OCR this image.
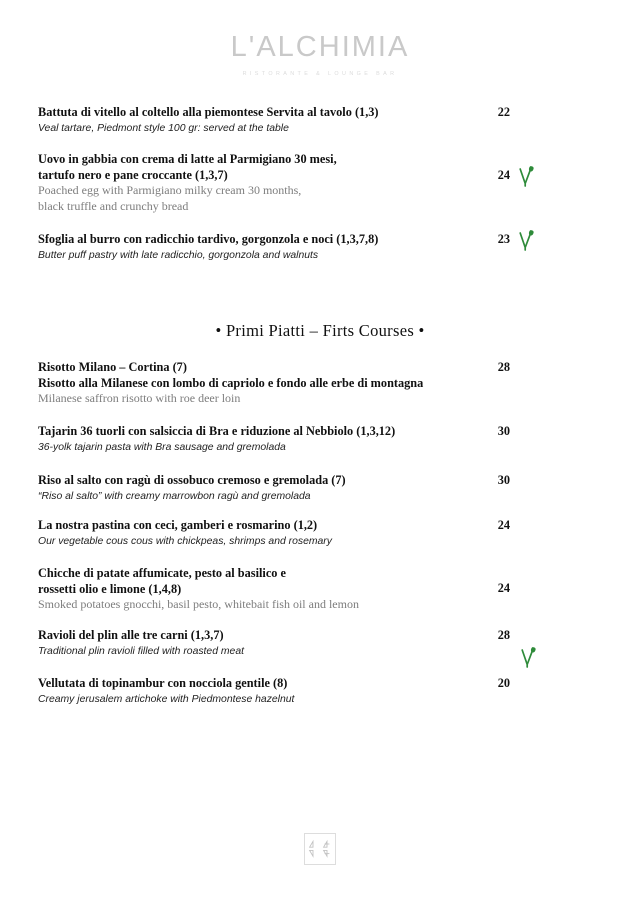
L'ALCHIMIA
RISTORANTE & LOUNGE BAR
Battuta di vitello al coltello alla piemontese Servita al tavolo (1,3)
Veal tartare, Piedmont style 100 gr: served at the table
22
Uovo in gabbia con crema di latte al Parmigiano 30 mesi,
tartufo nero e pane croccante (1,3,7)
Poached egg with Parmigiano milky cream 30 months,
black truffle and crunchy bread
24
Sfoglia al burro con radicchio tardivo, gorgonzola e noci (1,3,7,8)
Butter puff pastry with late radicchio, gorgonzola and walnuts
23
• Primi Piatti – Firts Courses •
Risotto Milano – Cortina (7)
Risotto alla Milanese con lombo di capriolo e fondo alle erbe di montagna
Milanese saffron risotto with roe deer loin
28
Tajarin 36 tuorli con salsiccia di Bra e riduzione al Nebbiolo (1,3,12)
36-yolk tajarin pasta with Bra sausage and gremolada
30
Riso al salto con ragù di ossobuco cremoso e gremolada (7)
“Riso al salto” with creamy marrowbon ragù and gremolada
30
La nostra pastina con ceci, gamberi e rosmarino (1,2)
Our vegetable cous cous with chickpeas, shrimps and rosemary
24
Chicche di patate affumicate, pesto al basilico e
rossetti olio e limone (1,4,8)
Smoked potatoes gnocchi, basil pesto, whitebait fish oil and lemon
24
Ravioli del plin alle tre carni (1,3,7)
Traditional plin ravioli filled with roasted meat
28
Vellutata di topinambur con nocciola gentile (8)
Creamy jerusalem artichoke with Piedmontese hazelnut
20
